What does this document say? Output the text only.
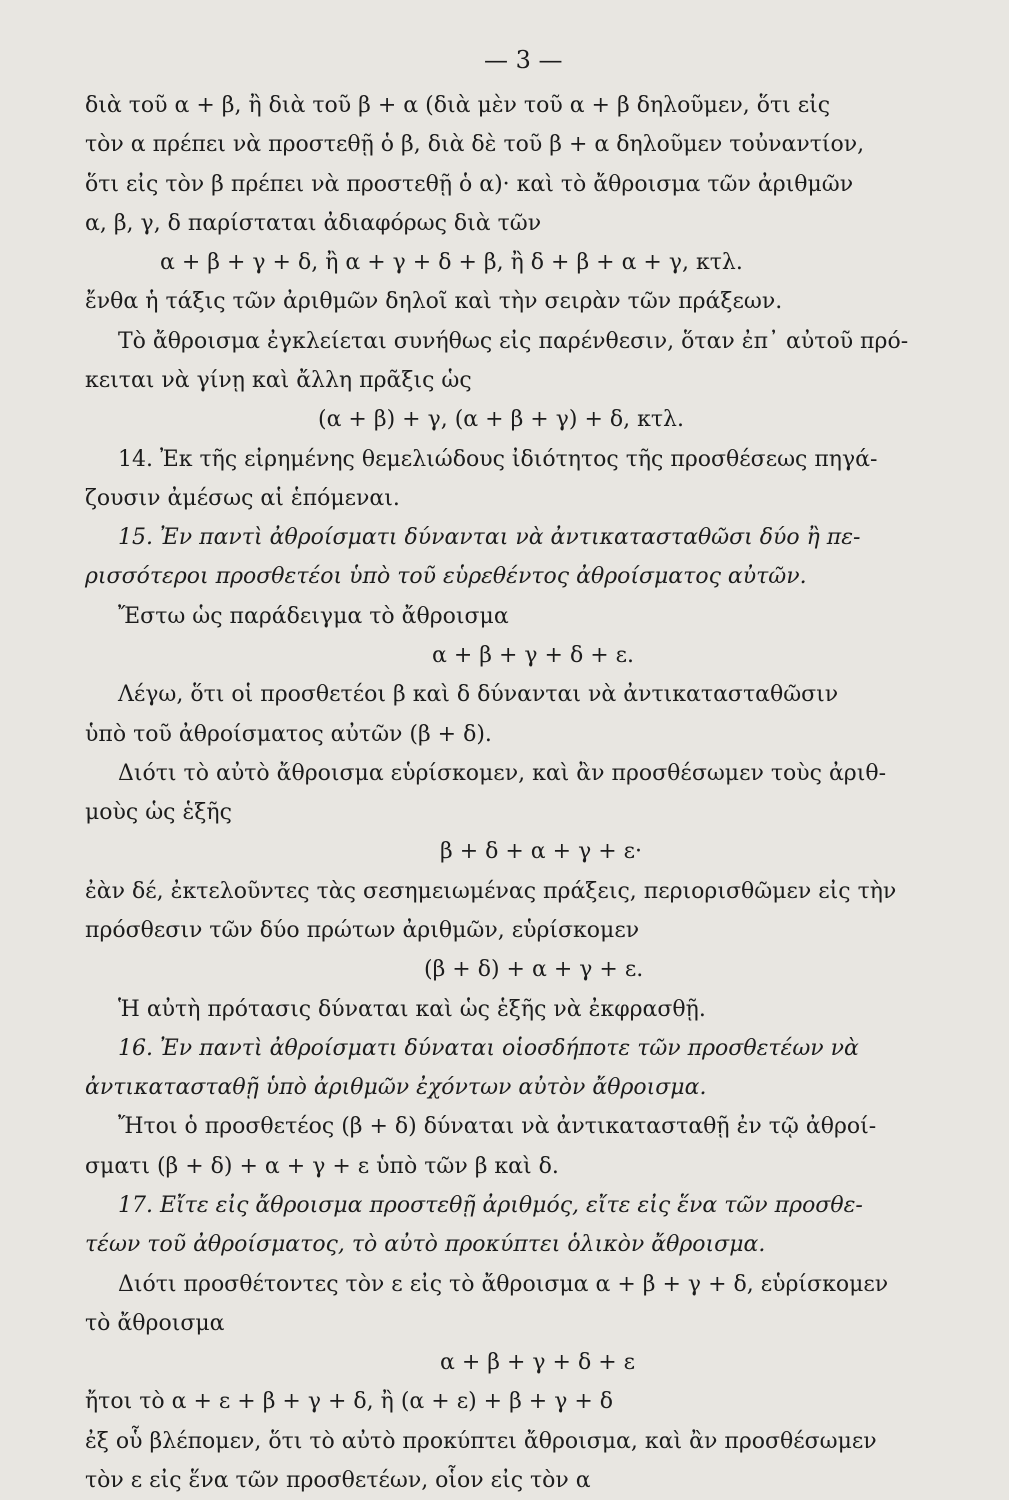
— 3 —
διὰ τοῦ α + β, ἢ διὰ τοῦ β + α (διὰ μὲν τοῦ α + β δηλοῦμεν, ὅτι εἰς
τὸν α πρέπει νὰ προστεθῇ ὁ β, διὰ δὲ τοῦ β + α δηλοῦμεν τοὐναντίον,
ὅτι εἰς τὸν β πρέπει νὰ προστεθῇ ὁ α)· καὶ τὸ ἄθροισμα τῶν ἀριθμῶν
α, β, γ, δ παρίσταται ἀδιαφόρως διὰ τῶν
α + β + γ + δ, ἢ α + γ + δ + β, ἢ δ + β + α + γ, κτλ.
ἔνθα ἡ τάξις τῶν ἀριθμῶν δηλοῖ καὶ τὴν σειρὰν τῶν πράξεων.
Τὸ ἄθροισμα ἐγκλείεται συνήθως εἰς παρένθεσιν, ὅταν ἐπ᾽ αὐτοῦ πρό-
κειται νὰ γίνῃ καὶ ἄλλη πρᾶξις ὡς
(α + β) + γ, (α + β + γ) + δ, κτλ.
14. Ἐκ τῆς εἰρημένης θεμελιώδους ἰδιότητος τῆς προσθέσεως πηγά-
ζουσιν ἀμέσως αἱ ἑπόμεναι.
15. Ἐν παντὶ ἀθροίσματι δύνανται νὰ ἀντικατασταθῶσι δύο ἢ πε-
ρισσότεροι προσθετέοι ὑπὸ τοῦ εὑρεθέντος ἀθροίσματος αὐτῶν.
Ἔστω ὡς παράδειγμα τὸ ἄθροισμα
α + β + γ + δ + ε.
Λέγω, ὅτι οἱ προσθετέοι β καὶ δ δύνανται νὰ ἀντικατασταθῶσιν
ὑπὸ τοῦ ἀθροίσματος αὐτῶν (β + δ).
Διότι τὸ αὐτὸ ἄθροισμα εὑρίσκομεν, καὶ ἂν προσθέσωμεν τοὺς ἀριθ-
μοὺς ὡς ἑξῆς
β + δ + α + γ + ε·
ἐὰν δέ, ἐκτελοῦντες τὰς σεσημειωμένας πράξεις, περιορισθῶμεν εἰς τὴν
πρόσθεσιν τῶν δύο πρώτων ἀριθμῶν, εὑρίσκομεν
(β + δ) + α + γ + ε.
Ἡ αὐτὴ πρότασις δύναται καὶ ὡς ἑξῆς νὰ ἐκφρασθῇ.
16. Ἐν παντὶ ἀθροίσματι δύναται οἱοσδήποτε τῶν προσθετέων νὰ
ἀντικατασταθῇ ὑπὸ ἀριθμῶν ἐχόντων αὐτὸν ἄθροισμα.
Ἤτοι ὁ προσθετέος (β + δ) δύναται νὰ ἀντικατασταθῇ ἐν τῷ ἀθροί-
σματι (β + δ) + α + γ + ε ὑπὸ τῶν β καὶ δ.
17. Εἴτε εἰς ἄθροισμα προστεθῇ ἀριθμός, εἴτε εἰς ἕνα τῶν προσθε-
τέων τοῦ ἀθροίσματος, τὸ αὐτὸ προκύπτει ὁλικὸν ἄθροισμα.
Διότι προσθέτοντες τὸν ε εἰς τὸ ἄθροισμα α + β + γ + δ, εὑρίσκομεν
τὸ ἄθροισμα
α + β + γ + δ + ε
ἤτοι τὸ α + ε + β + γ + δ, ἢ (α + ε) + β + γ + δ
ἐξ οὗ βλέπομεν, ὅτι τὸ αὐτὸ προκύπτει ἄθροισμα, καὶ ἂν προσθέσωμεν
τὸν ε εἰς ἕνα τῶν προσθετέων, οἷον εἰς τὸν α
